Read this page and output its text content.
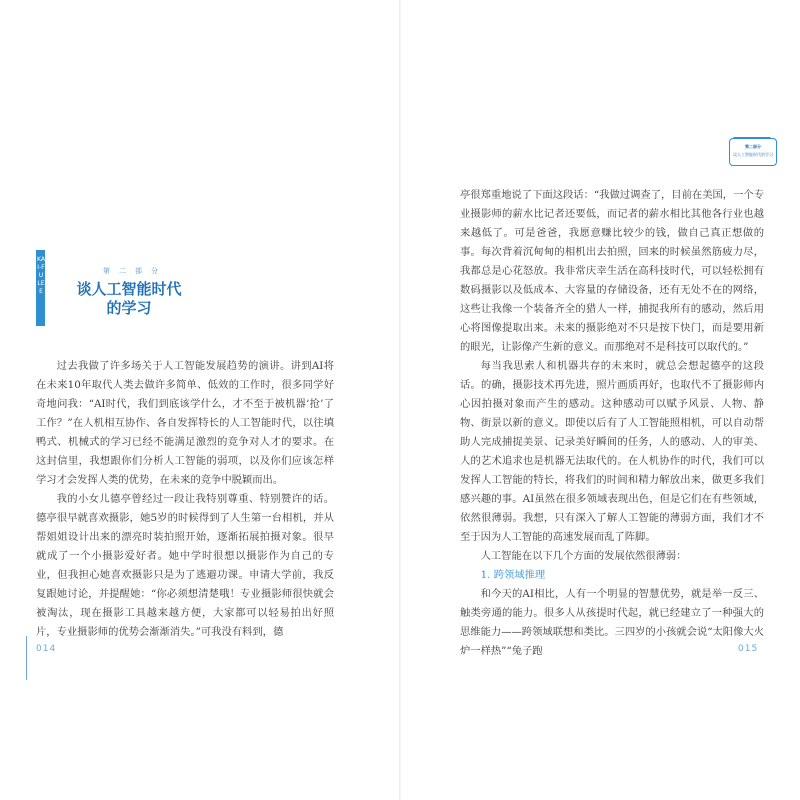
KAI-FU LEE
第二部分
谈人工智能时代
的学习

过去我做了许多场关于人工智能发展趋势的演讲。讲到AI将在未来10年取代人类去做许多简单、低效的工作时，很多同学好奇地问我：“AI时代，我们到底该学什么，才不至于被机器‘抢’了工作？”在人机相互协作、各自发挥特长的人工智能时代，以往填鸭式、机械式的学习已经不能满足激烈的竞争对人才的要求。在这封信里，我想跟你们分析人工智能的弱项，以及你们应该怎样学习才会发挥人类的优势，在未来的竞争中脱颖而出。

我的小女儿德亭曾经过一段让我特别尊重、特别赞许的话。德亭很早就喜欢摄影，她5岁的时候得到了人生第一台相机，并从帮姐姐设计出来的漂亮时装拍照开始，逐渐拓展拍摄对象。很早就成了一个小摄影爱好者。她中学时很想以摄影作为自己的专业，但我担心她喜欢摄影只是为了逃避功课。申请大学前，我反复跟她讨论，并提醒她：“你必须想清楚哦！专业摄影师很快就会被淘汰，现在摄影工具越来越方便，大家都可以轻易拍出好照片，专业摄影师的优势会渐渐消失。”可我没有料到，德

014
第二部分
谈人工智能时代的学习

亭很郑重地说了下面这段话：“我做过调查了，目前在美国，一个专业摄影师的薪水比记者还要低，而记者的薪水相比其他各行业也越来越低了。可是爸爸，我愿意赚比较少的钱，做自己真正想做的事。每次背着沉甸甸的相机出去拍照，回来的时候虽然筋疲力尽，我都总是心花怒放。我非常庆幸生活在高科技时代，可以轻松拥有数码摄影以及低成本、大容量的存储设备，还有无处不在的网络，这些让我像一个装备齐全的猎人一样，捕捉我所有的感动，然后用心将图像提取出来。未来的摄影绝对不只是按下快门，而是要用新的眼光，让影像产生新的意义。而那绝对不是科技可以取代的。”

每当我思索人和机器共存的未来时，就总会想起德亭的这段话。的确，摄影技术再先进，照片画质再好，也取代不了摄影师内心因拍摄对象而产生的感动。这种感动可以赋予风景、人物、静物、街景以新的意义。即使以后有了人工智能照相机，可以自动帮助人完成捕捉美景、记录美好瞬间的任务，人的感动、人的审美、人的艺术追求也是机器无法取代的。在人机协作的时代，我们可以发挥人工智能的特长，将我们的时间和精力解放出来，做更多我们感兴趣的事。AI虽然在很多领域表现出色，但是它们在有些领域，依然很薄弱。我想，只有深入了解人工智能的薄弱方面，我们才不至于因为人工智能的高速发展而乱了阵脚。

人工智能在以下几个方面的发展依然很薄弱：

1. 跨领域推理

和今天的AI相比，人有一个明显的智慧优势，就是举一反三、触类旁通的能力。很多人从孩提时代起，就已经建立了一种强大的思维能力——跨领域联想和类比。三四岁的小孩就会说“太阳像大火炉一样热”“兔子跑	015
